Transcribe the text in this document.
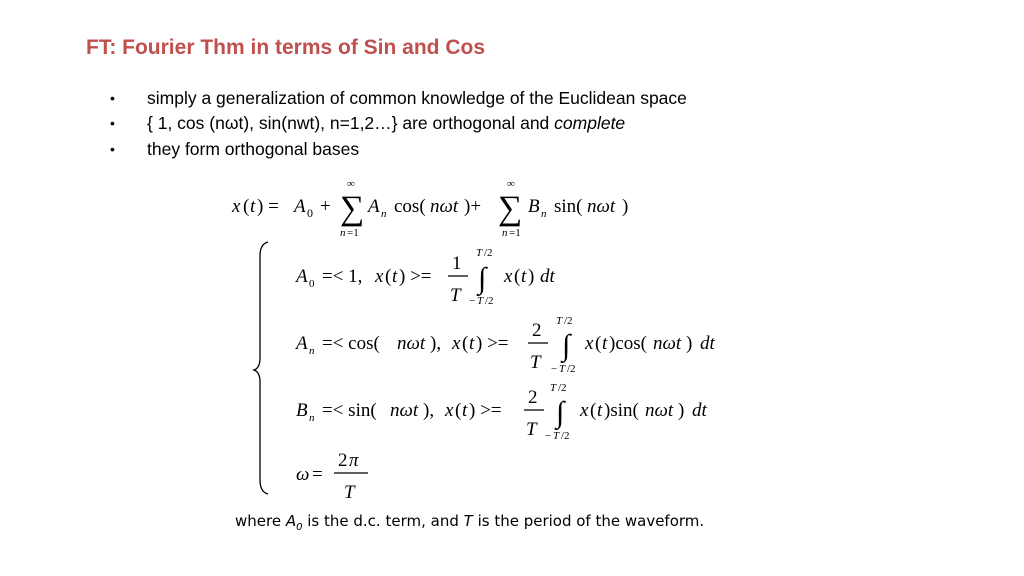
FT: Fourier Thm in terms of Sin and Cos
• simply a generalization of common knowledge of the Euclidean space
• { 1, cos (nωt), sin(nwt), n=1,2…} are orthogonal and complete
• they form orthogonal bases
x ( t ) = A 0 + ∑
∞
n =1
A n cos( nωt )+ ∑
∞
n =1
B n sin( nωt )
A 0 =< 1, x ( t ) >=
1
T
∫
T /2
− T /2
x ( t ) dt
A n =< cos( nωt ), x ( t ) >=
2
T
∫
T /2
− T /2
x ( t )cos( nωt ) dt
B n =< sin( nωt ), x ( t ) >=
2
T
∫
T /2
− T /2
x ( t )sin( nωt ) dt
ω =
2 π
T
where $A_0$ is the d.c. term, and T is the period of the waveform.
